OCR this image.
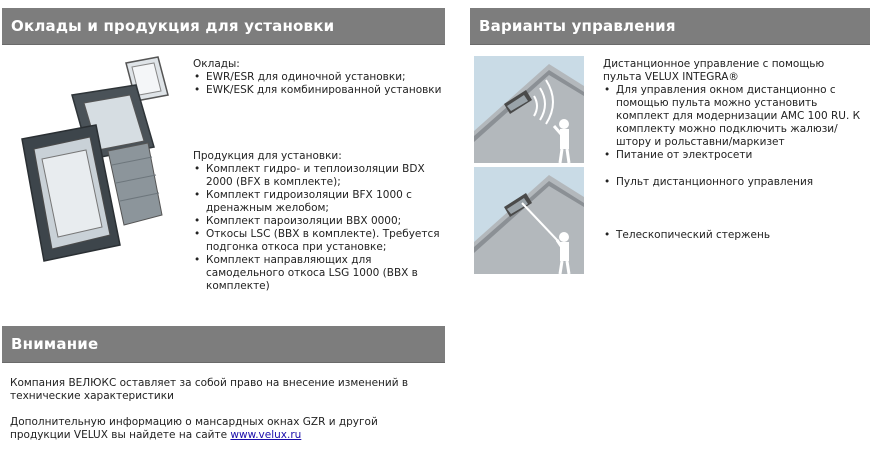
Оклады и продукция для установки	Варианты управления
Внимание
Оклады:
• EWR/ESR для одиночной установки;
• EWK/ESK для комбинированной установки
Продукция для установки:
• Комплект гидро- и теплоизоляции BDX 2000 (BFX в комплекте);
• Комплект гидроизоляции BFX 1000 с дренажным желобом;
• Комплект пароизоляции BBX 0000;
• Откосы LSC (BBX в комплекте). Требуется подгонка откоса при установке;
• Комплект направляющих для самодельного откоса LSG 1000 (BBX в комплекте)
Дистанционное управление с помощью пульта VELUX INTEGRA®
• Для управления окном дистанционно с помощью пульта можно установить комплект для модернизации AMC 100 RU. К комплекту можно подключить жалюзи/штору и рольставни/маркизет
• Питание от электросети
• Пульт дистанционного управления
• Телескопический стержень

Компания ВЕЛЮКС оставляет за собой право на внесение изменений в технические характеристики

Дополнительную информацию о мансардных окнах GZR и другой продукции VELUX вы найдете на сайте www.velux.ru
